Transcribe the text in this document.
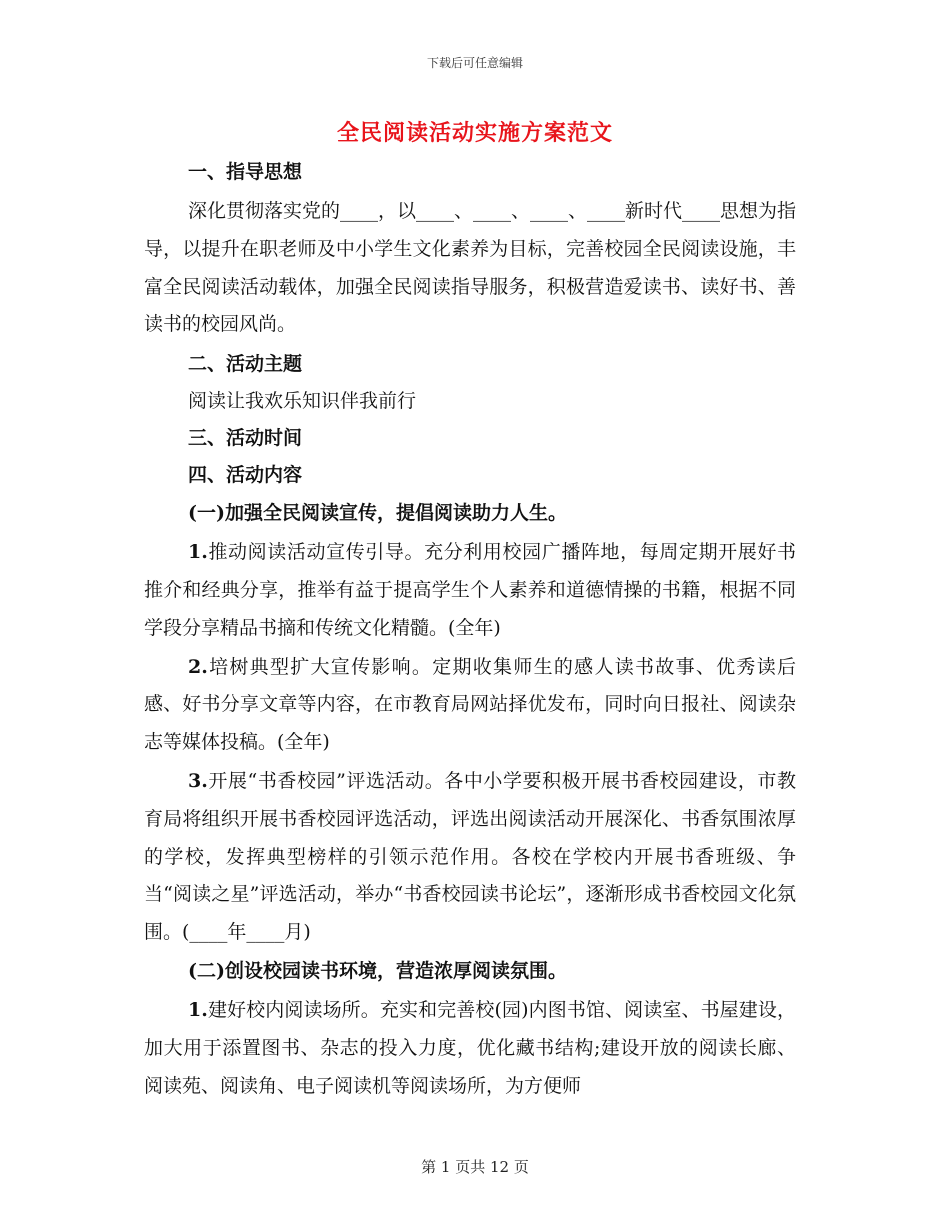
下载后可任意编辑
全民阅读活动实施方案范文
一、指导思想

深化贯彻落实党的____，以____、____、____、____新时代____思想为指导，以提升在职老师及中小学生文化素养为目标，完善校园全民阅读设施，丰富全民阅读活动载体，加强全民阅读指导服务，积极营造爱读书、读好书、善读书的校园风尚。

二、活动主题
阅读让我欢乐知识伴我前行
三、活动时间
四、活动内容
(一)加强全民阅读宣传，提倡阅读助力人生。

1.推动阅读活动宣传引导。充分利用校园广播阵地，每周定期开展好书推介和经典分享，推举有益于提高学生个人素养和道德情操的书籍，根据不同学段分享精品书摘和传统文化精髓。(全年)

2.培树典型扩大宣传影响。定期收集师生的感人读书故事、优秀读后感、好书分享文章等内容，在市教育局网站择优发布，同时向日报社、阅读杂志等媒体投稿。(全年)

3.开展“书香校园”评选活动。各中小学要积极开展书香校园建设，市教育局将组织开展书香校园评选活动，评选出阅读活动开展深化、书香氛围浓厚的学校，发挥典型榜样的引领示范作用。各校在学校内开展书香班级、争当“阅读之星”评选活动，举办“书香校园读书论坛”，逐渐形成书香校园文化氛围。(____年____月)

(二)创设校园读书环境，营造浓厚阅读氛围。

1.建好校内阅读场所。充实和完善校(园)内图书馆、阅读室、书屋建设，加大用于添置图书、杂志的投入力度，优化藏书结构;建设开放的阅读长廊、阅读苑、阅读角、电子阅读机等阅读场所，为方便师

第 1 页共 12 页
